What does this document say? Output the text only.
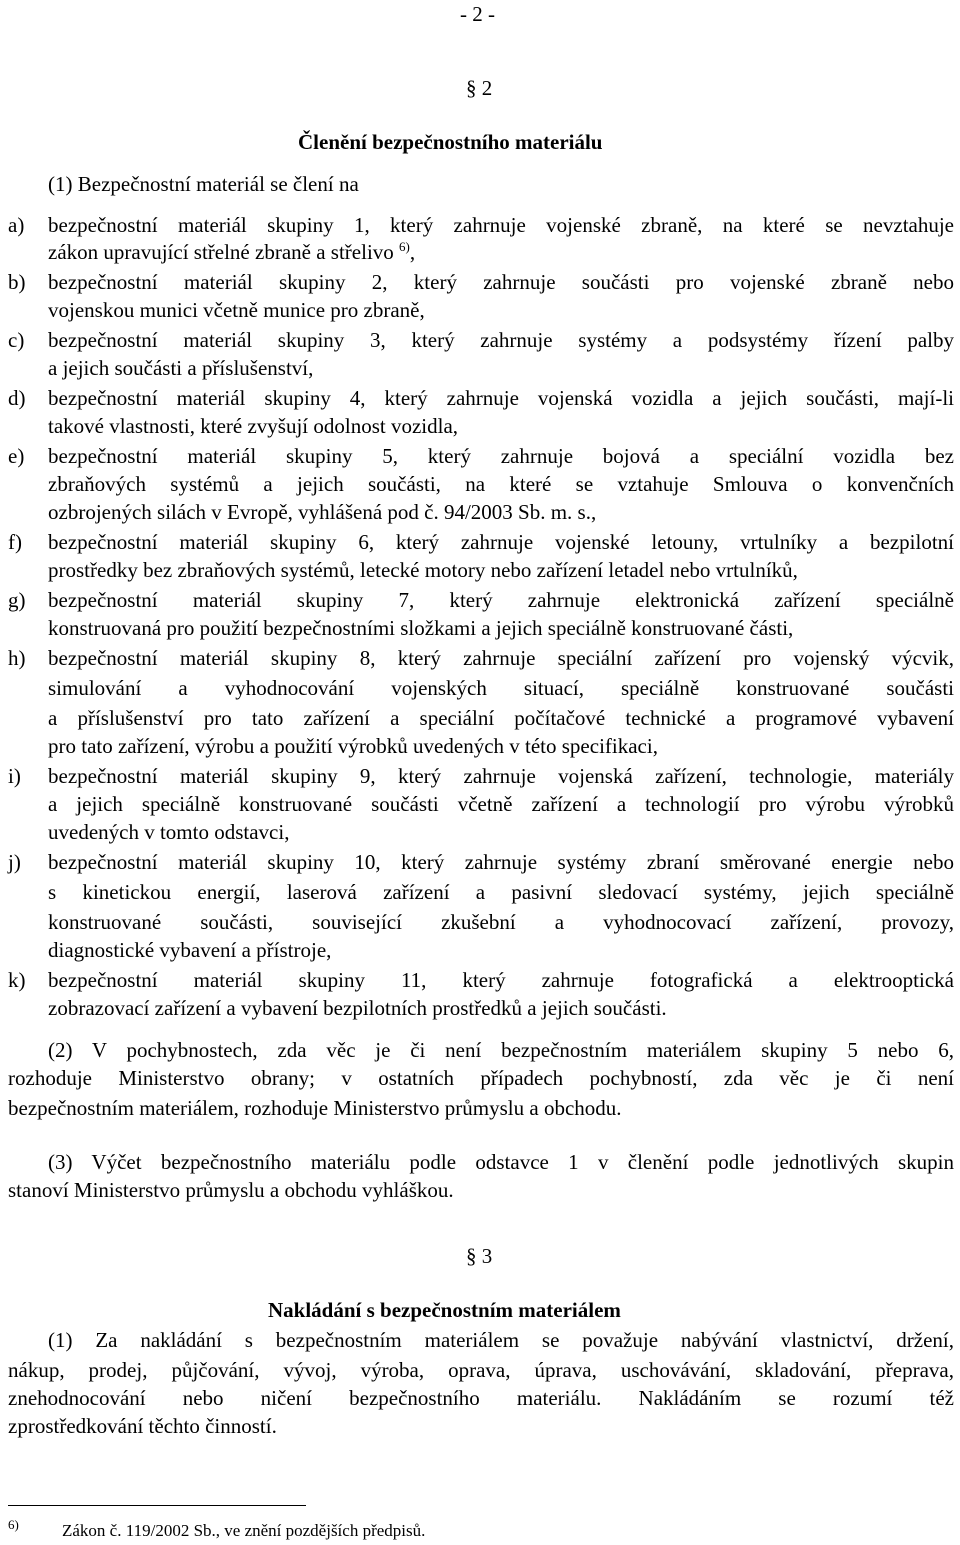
- 2 -
§ 2
Členění bezpečnostního materiálu
(1) Bezpečnostní materiál se člení na
a) bezpečnostní materiál skupiny 1, který zahrnuje vojenské zbraně, na které se nevztahuje
zákon upravující střelné zbraně a střelivo $^{6)}$,
b) bezpečnostní materiál skupiny 2, který zahrnuje součásti pro vojenské zbraně nebo
vojenskou munici včetně munice pro zbraně,
c) bezpečnostní materiál skupiny 3, který zahrnuje systémy a podsystémy řízení palby
a jejich součásti a příslušenství,
d) bezpečnostní materiál skupiny 4, který zahrnuje vojenská vozidla a jejich součásti, mají-li
takové vlastnosti, které zvyšují odolnost vozidla,
e) bezpečnostní materiál skupiny 5, který zahrnuje bojová a speciální vozidla bez
zbraňových systémů a jejich součásti, na které se vztahuje Smlouva o konvenčních
ozbrojených silách v Evropě, vyhlášená pod č. 94/2003 Sb. m. s.,
f) bezpečnostní materiál skupiny 6, který zahrnuje vojenské letouny, vrtulníky a bezpilotní
prostředky bez zbraňových systémů, letecké motory nebo zařízení letadel nebo vrtulníků,
g) bezpečnostní materiál skupiny 7, který zahrnuje elektronická zařízení speciálně
konstruovaná pro použití bezpečnostními složkami a jejich speciálně konstruované části,
h) bezpečnostní materiál skupiny 8, který zahrnuje speciální zařízení pro vojenský výcvik,
simulování a vyhodnocování vojenských situací, speciálně konstruované součásti
a příslušenství pro tato zařízení a speciální počítačové technické a programové vybavení
pro tato zařízení, výrobu a použití výrobků uvedených v této specifikaci,
i) bezpečnostní materiál skupiny 9, který zahrnuje vojenská zařízení, technologie, materiály
a jejich speciálně konstruované součásti včetně zařízení a technologií pro výrobu výrobků
uvedených v tomto odstavci,
j) bezpečnostní materiál skupiny 10, který zahrnuje systémy zbraní směrované energie nebo
s kinetickou energií, laserová zařízení a pasivní sledovací systémy, jejich speciálně
konstruované součásti, související zkušební a vyhodnocovací zařízení, provozy,
diagnostické vybavení a přístroje,
k) bezpečnostní materiál skupiny 11, který zahrnuje fotografická a elektrooptická
zobrazovací zařízení a vybavení bezpilotních prostředků a jejich součásti.
(2) V pochybnostech, zda věc je či není bezpečnostním materiálem skupiny 5 nebo 6,
rozhoduje Ministerstvo obrany; v ostatních případech pochybností, zda věc je či není
bezpečnostním materiálem, rozhoduje Ministerstvo průmyslu a obchodu.
(3) Výčet bezpečnostního materiálu podle odstavce 1 v členění podle jednotlivých skupin
stanoví Ministerstvo průmyslu a obchodu vyhláškou.
§ 3
Nakládání s bezpečnostním materiálem
(1) Za nakládání s bezpečnostním materiálem se považuje nabývání vlastnictví, držení,
nákup, prodej, půjčování, vývoj, výroba, oprava, úprava, uschovávání, skladování, přeprava,
znehodnocování nebo ničení bezpečnostního materiálu. Nakládáním se rozumí též
zprostředkování těchto činností.
6)	Zákon č. 119/2002 Sb., ve znění pozdějších předpisů.
